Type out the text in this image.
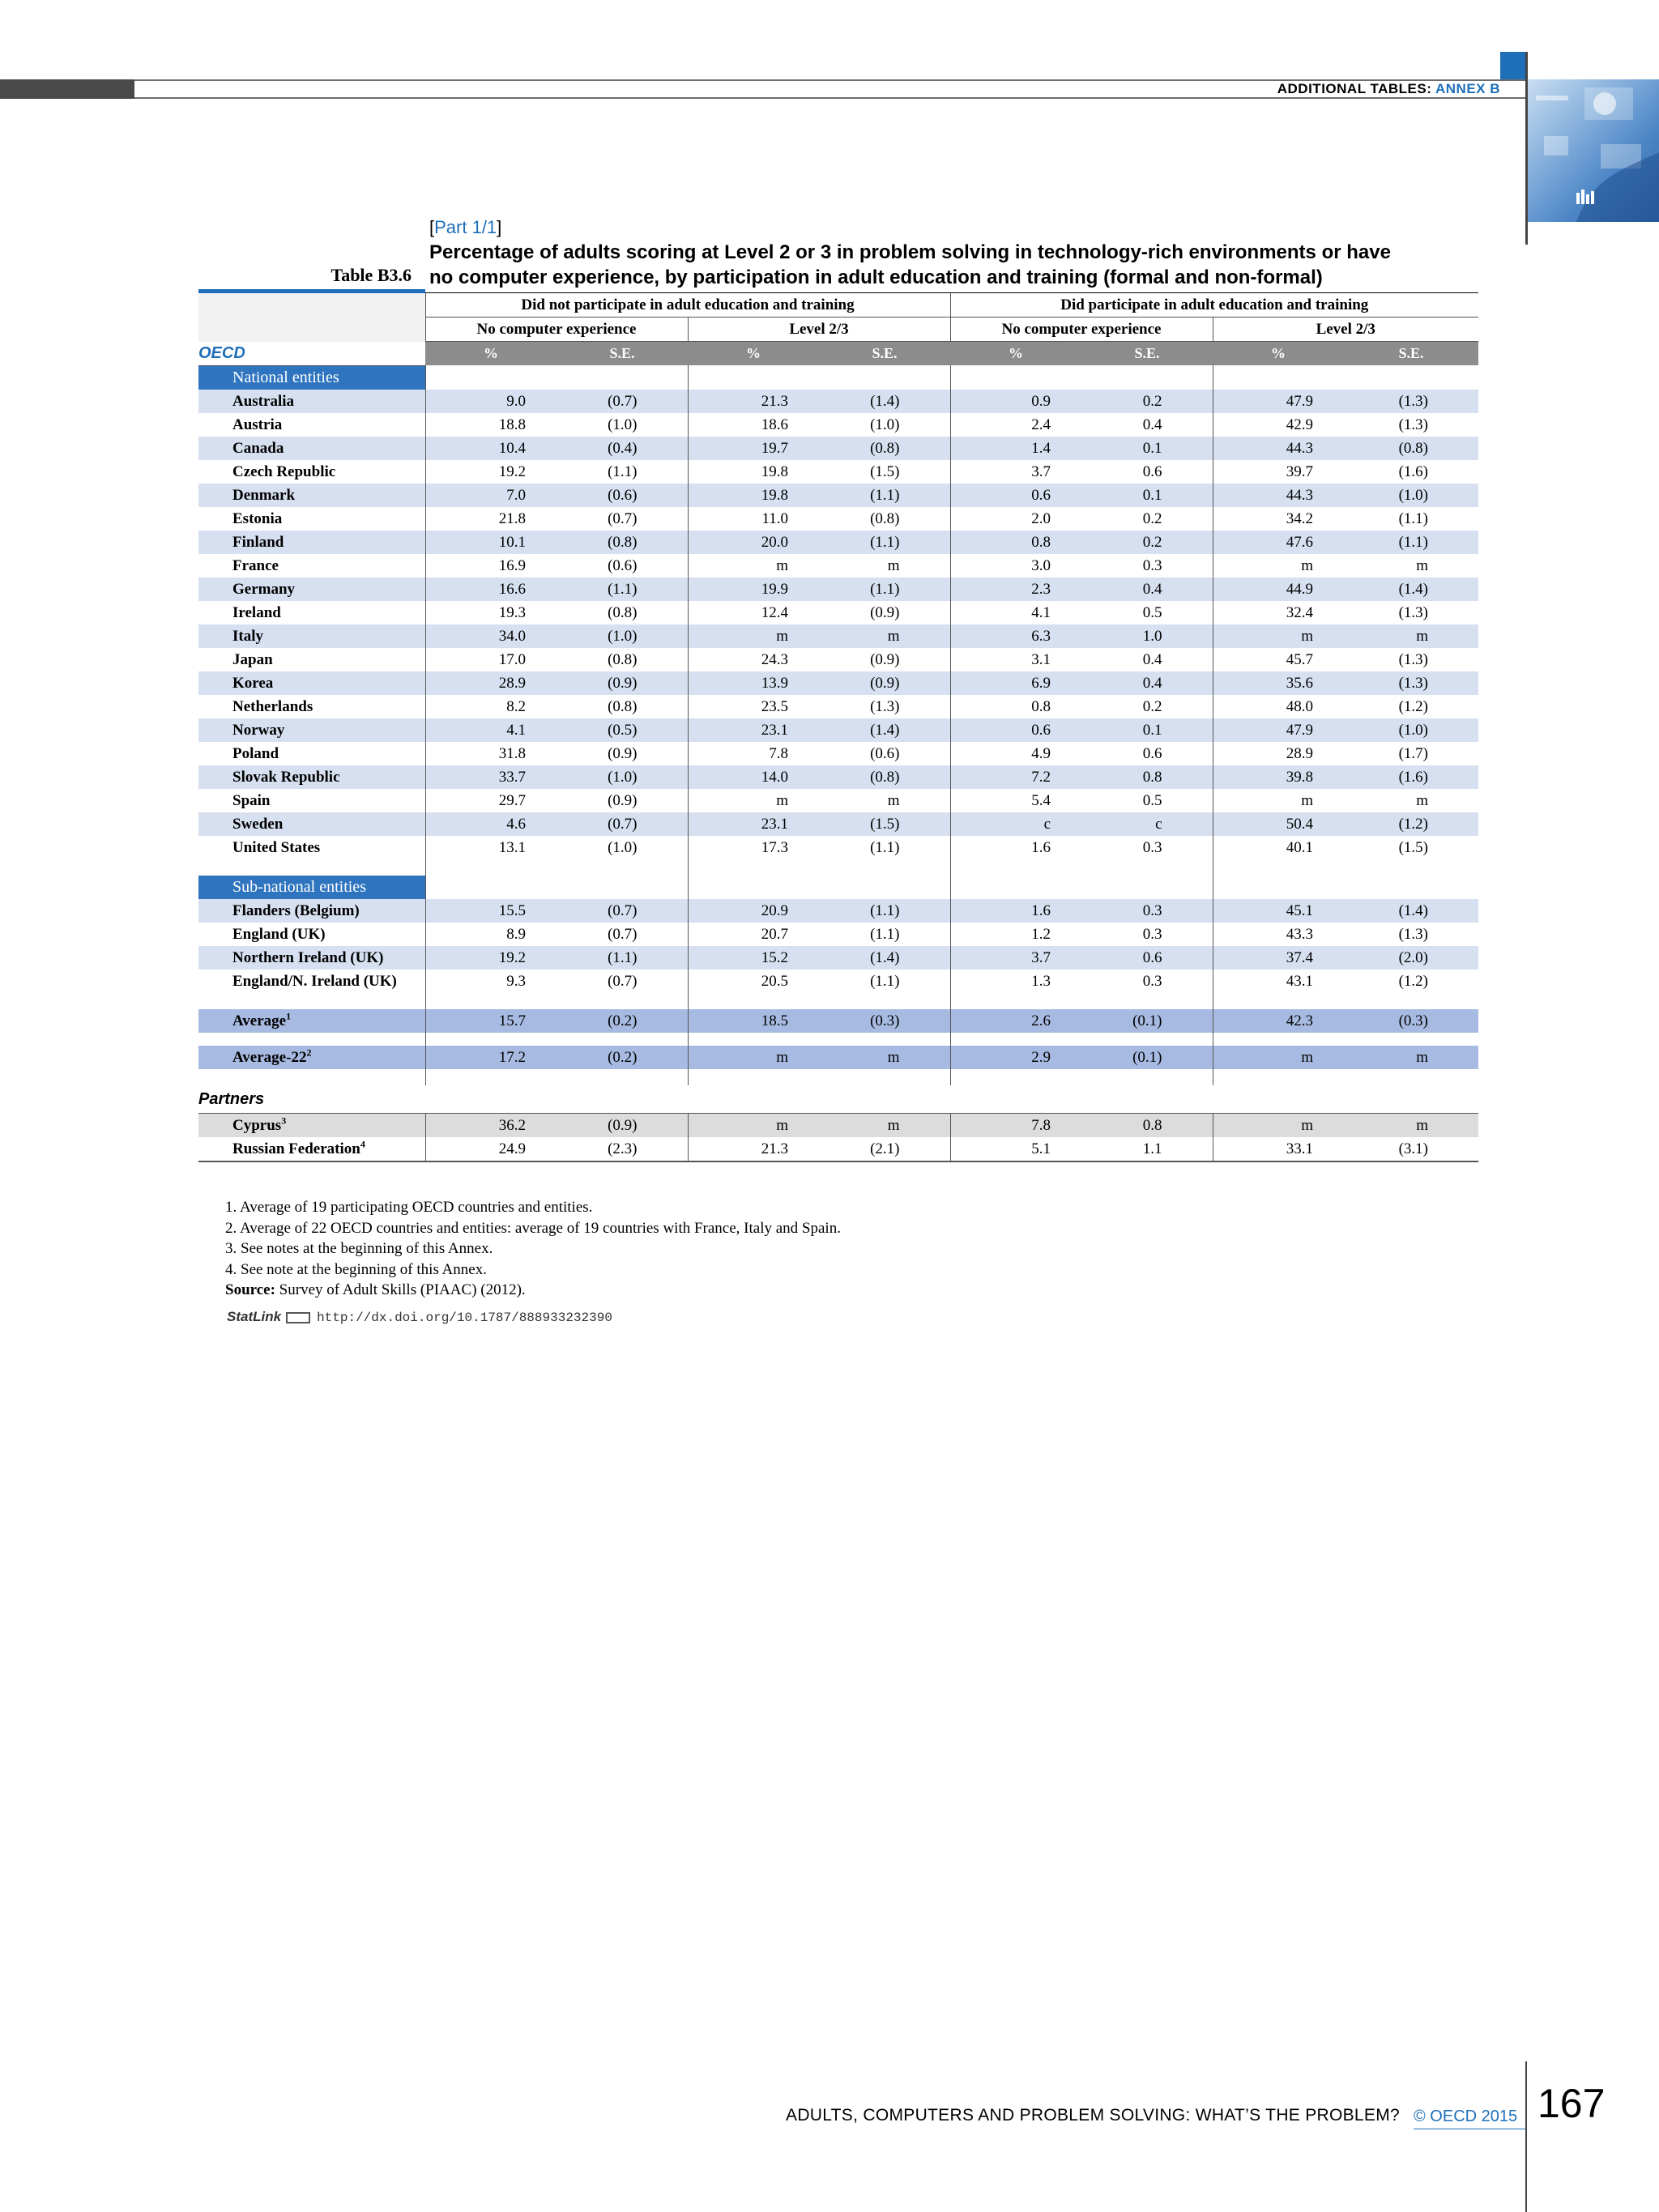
ADDITIONAL TABLES: ANNEX B
[Part 1/1]
Percentage of adults scoring at Level 2 or 3 in problem solving in technology-rich environments or have
no computer experience, by participation in adult education and training (formal and non-formal)
Table B3.6
	Did not participate in adult education and training				Did participate in adult education and training			
	No computer experience		Level 2/3		No computer experience		Level 2/3	
OECD	%	S.E.	%	S.E.	%	S.E.	%	S.E.
National entities								
Australia	9.0	(0.7)	21.3	(1.4)	0.9	0.2	47.9	(1.3)
Austria	18.8	(1.0)	18.6	(1.0)	2.4	0.4	42.9	(1.3)
Canada	10.4	(0.4)	19.7	(0.8)	1.4	0.1	44.3	(0.8)
Czech Republic	19.2	(1.1)	19.8	(1.5)	3.7	0.6	39.7	(1.6)
Denmark	7.0	(0.6)	19.8	(1.1)	0.6	0.1	44.3	(1.0)
Estonia	21.8	(0.7)	11.0	(0.8)	2.0	0.2	34.2	(1.1)
Finland	10.1	(0.8)	20.0	(1.1)	0.8	0.2	47.6	(1.1)
France	16.9	(0.6)	m	m	3.0	0.3	m	m
Germany	16.6	(1.1)	19.9	(1.1)	2.3	0.4	44.9	(1.4)
Ireland	19.3	(0.8)	12.4	(0.9)	4.1	0.5	32.4	(1.3)
Italy	34.0	(1.0)	m	m	6.3	1.0	m	m
Japan	17.0	(0.8)	24.3	(0.9)	3.1	0.4	45.7	(1.3)
Korea	28.9	(0.9)	13.9	(0.9)	6.9	0.4	35.6	(1.3)
Netherlands	8.2	(0.8)	23.5	(1.3)	0.8	0.2	48.0	(1.2)
Norway	4.1	(0.5)	23.1	(1.4)	0.6	0.1	47.9	(1.0)
Poland	31.8	(0.9)	7.8	(0.6)	4.9	0.6	28.9	(1.7)
Slovak Republic	33.7	(1.0)	14.0	(0.8)	7.2	0.8	39.8	(1.6)
Spain	29.7	(0.9)	m	m	5.4	0.5	m	m
Sweden	4.6	(0.7)	23.1	(1.5)	c	c	50.4	(1.2)
United States	13.1	(1.0)	17.3	(1.1)	1.6	0.3	40.1	(1.5)

Sub-national entities								
Flanders (Belgium)	15.5	(0.7)	20.9	(1.1)	1.6	0.3	45.1	(1.4)
England (UK)	8.9	(0.7)	20.7	(1.1)	1.2	0.3	43.3	(1.3)
Northern Ireland (UK)	19.2	(1.1)	15.2	(1.4)	3.7	0.6	37.4	(2.0)
England/N. Ireland (UK)	9.3	(0.7)	20.5	(1.1)	1.3	0.3	43.1	(1.2)

Average$^1$	15.7	(0.2)	18.5	(0.3)	2.6	(0.1)	42.3	(0.3)

Average-$22^2$	17.2	(0.2)	m	m	2.9	(0.1)	m	m

Partners								
Cyprus$^3$	36.2	(0.9)	m	m	7.8	0.8	m	m
Russian Federation$^4$	24.9	(2.3)	21.3	(2.1)	5.1	1.1	33.1	(3.1)
1. Average of 19 participating OECD countries and entities.
2. Average of 22 OECD countries and entities: average of 19 countries with France, Italy and Spain.
3. See notes at the beginning of this Annex.
4. See note at the beginning of this Annex.
Source: Survey of Adult Skills (PIAAC) (2012).
StatLink	http://dx.doi.org/10.1787/888933232390
ADULTS, COMPUTERS AND PROBLEM SOLVING: WHAT’S THE PROBLEM? © OECD 2015 167
